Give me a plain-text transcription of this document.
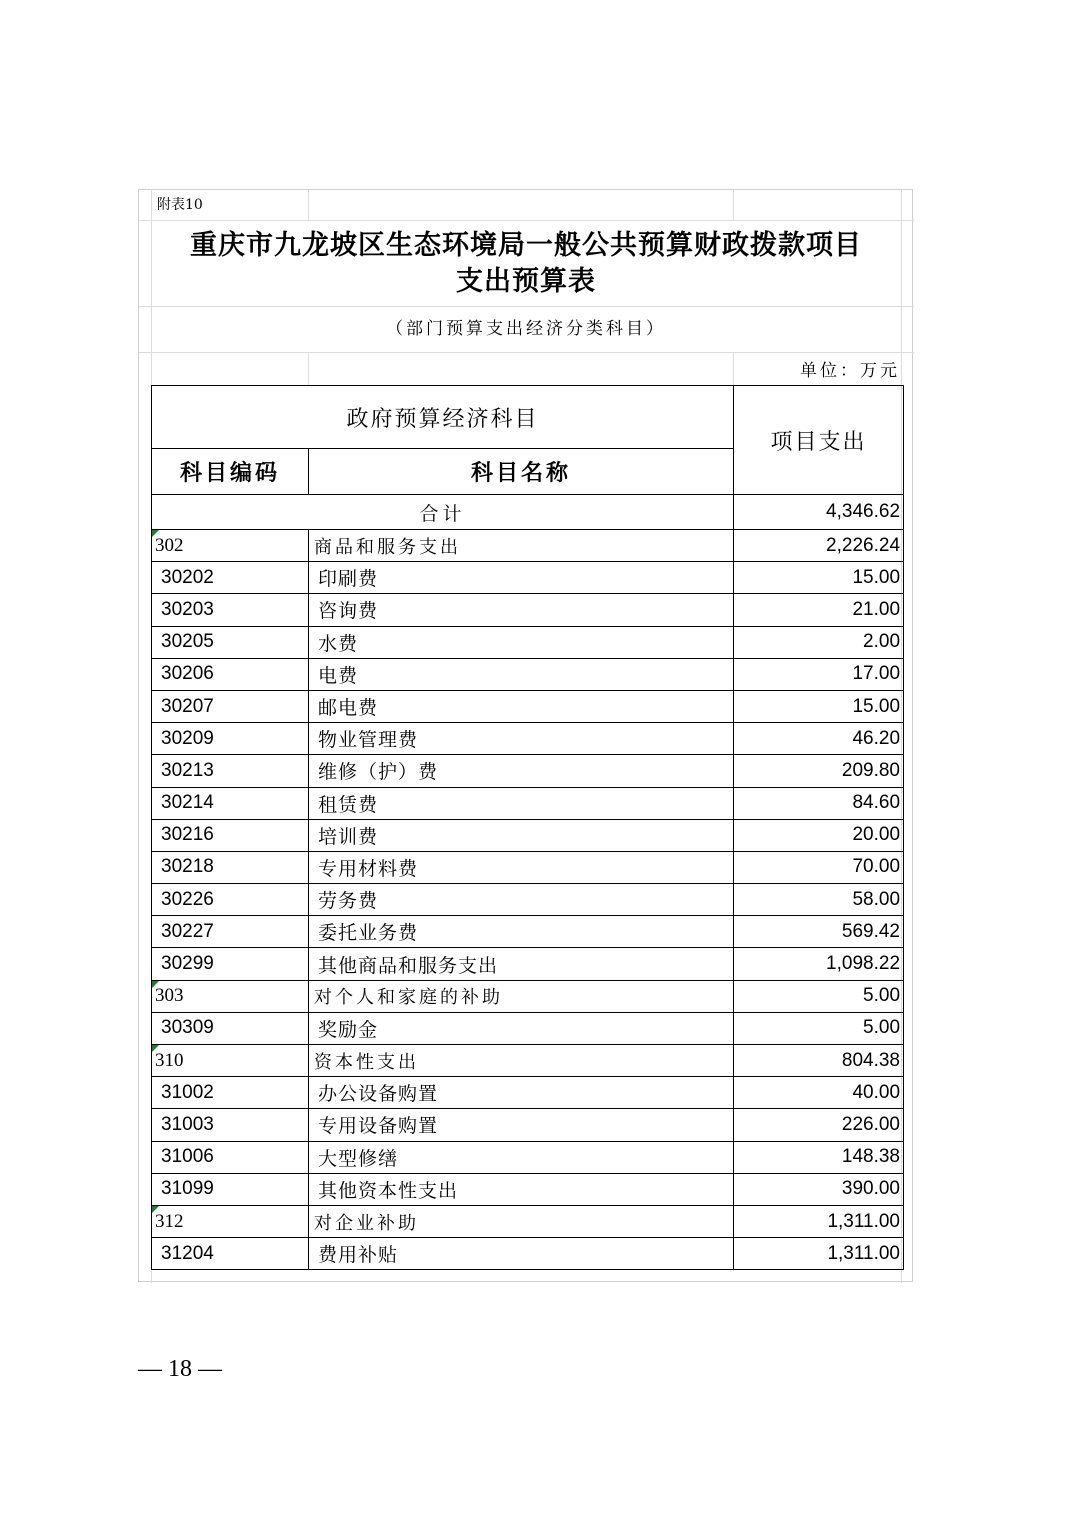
附表10
重庆市九龙坡区生态环境局一般公共预算财政拨款项目
支出预算表
（部门预算支出经济分类科目）
单位：万元
政府预算经济科目		项目支出
科目编码	科目名称	
合计		4,346.62

302	商品和服务支出	2,226.24
30202	印刷费	15.00
30203	咨询费	21.00
30205	水费	2.00
30206	电费	17.00
30207	邮电费	15.00
30209	物业管理费	46.20
30213	维修（护）费	209.80
30214	租赁费	84.60
30216	培训费	20.00
30218	专用材料费	70.00
30226	劳务费	58.00
30227	委托业务费	569.42
30299	其他商品和服务支出	1,098.22

303	对个人和家庭的补助	5.00
30309	奖励金	5.00

310	资本性支出	804.38
31002	办公设备购置	40.00
31003	专用设备购置	226.00
31006	大型修缮	148.38
31099	其他资本性支出	390.00

312	对企业补助	1,311.00
31204	费用补贴	1,311.00
— 18 —
